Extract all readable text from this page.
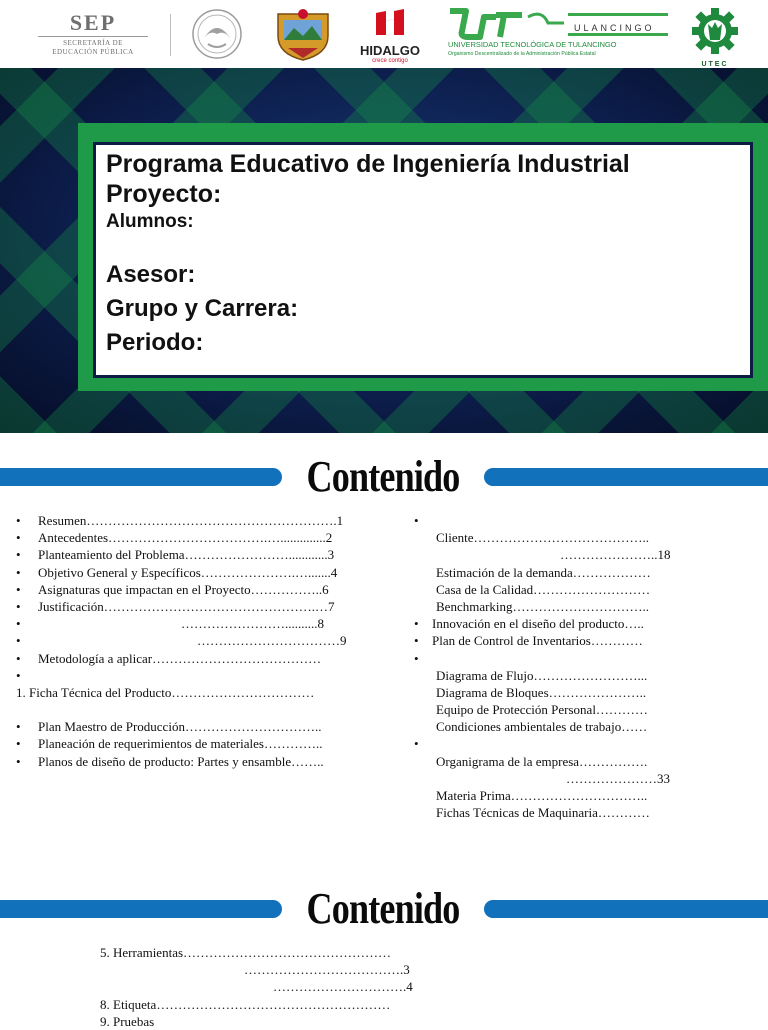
SEP
SECRETARÍA DE
EDUCACIÓN PÚBLICA	HIDALGO
crece contigo
ULANCINGO
UNIVERSIDAD TECNOLÓGICA DE TULANCINGO
Organismo Descentralizado de la Administración Pública Estatal
UTEC
Programa Educativo de Ingeniería Industrial
Proyecto:
Alumnos:
Asesor:
Grupo y Carrera:
Periodo:
Contenido
• Resumen………………………………………………….1
• Antecedentes……………………………….…..............2
• Planteamiento del Problema……………………............3
• Objetivo General y Específicos………………….….......4
• Asignaturas que impactan en el Proyecto……………..6
• Justificación………………………………………….…7
•	……………………..........8
•	……………………………9
• Metodología a aplicar…………………………………
•
1. Ficha Técnica del Producto……………………………
• Plan Maestro de Producción…………………………..
• Planeación de requerimientos de materiales…………..
• Planos de diseño de producto: Partes y ensamble……..
•
Cliente…………………………………..
…………………..18
Estimación de la demanda………………
Casa de la Calidad………………………
Benchmarking…………………………..
• Innovación en el diseño del producto…..
• Plan de Control de Inventarios…………
•
Diagrama de Flujo……………………...
Diagrama de Bloques…………………..
Equipo de Protección Personal…………
Condiciones ambientales de trabajo……
•
Organigrama de la empresa…………….
…………………33
Materia Prima…………………………..
Fichas Técnicas de Maquinaria…………
Contenido
5. Herramientas…………………………………………
……………………………….3
………………………….4
8. Etiqueta………………………………………………
9. Pruebas
